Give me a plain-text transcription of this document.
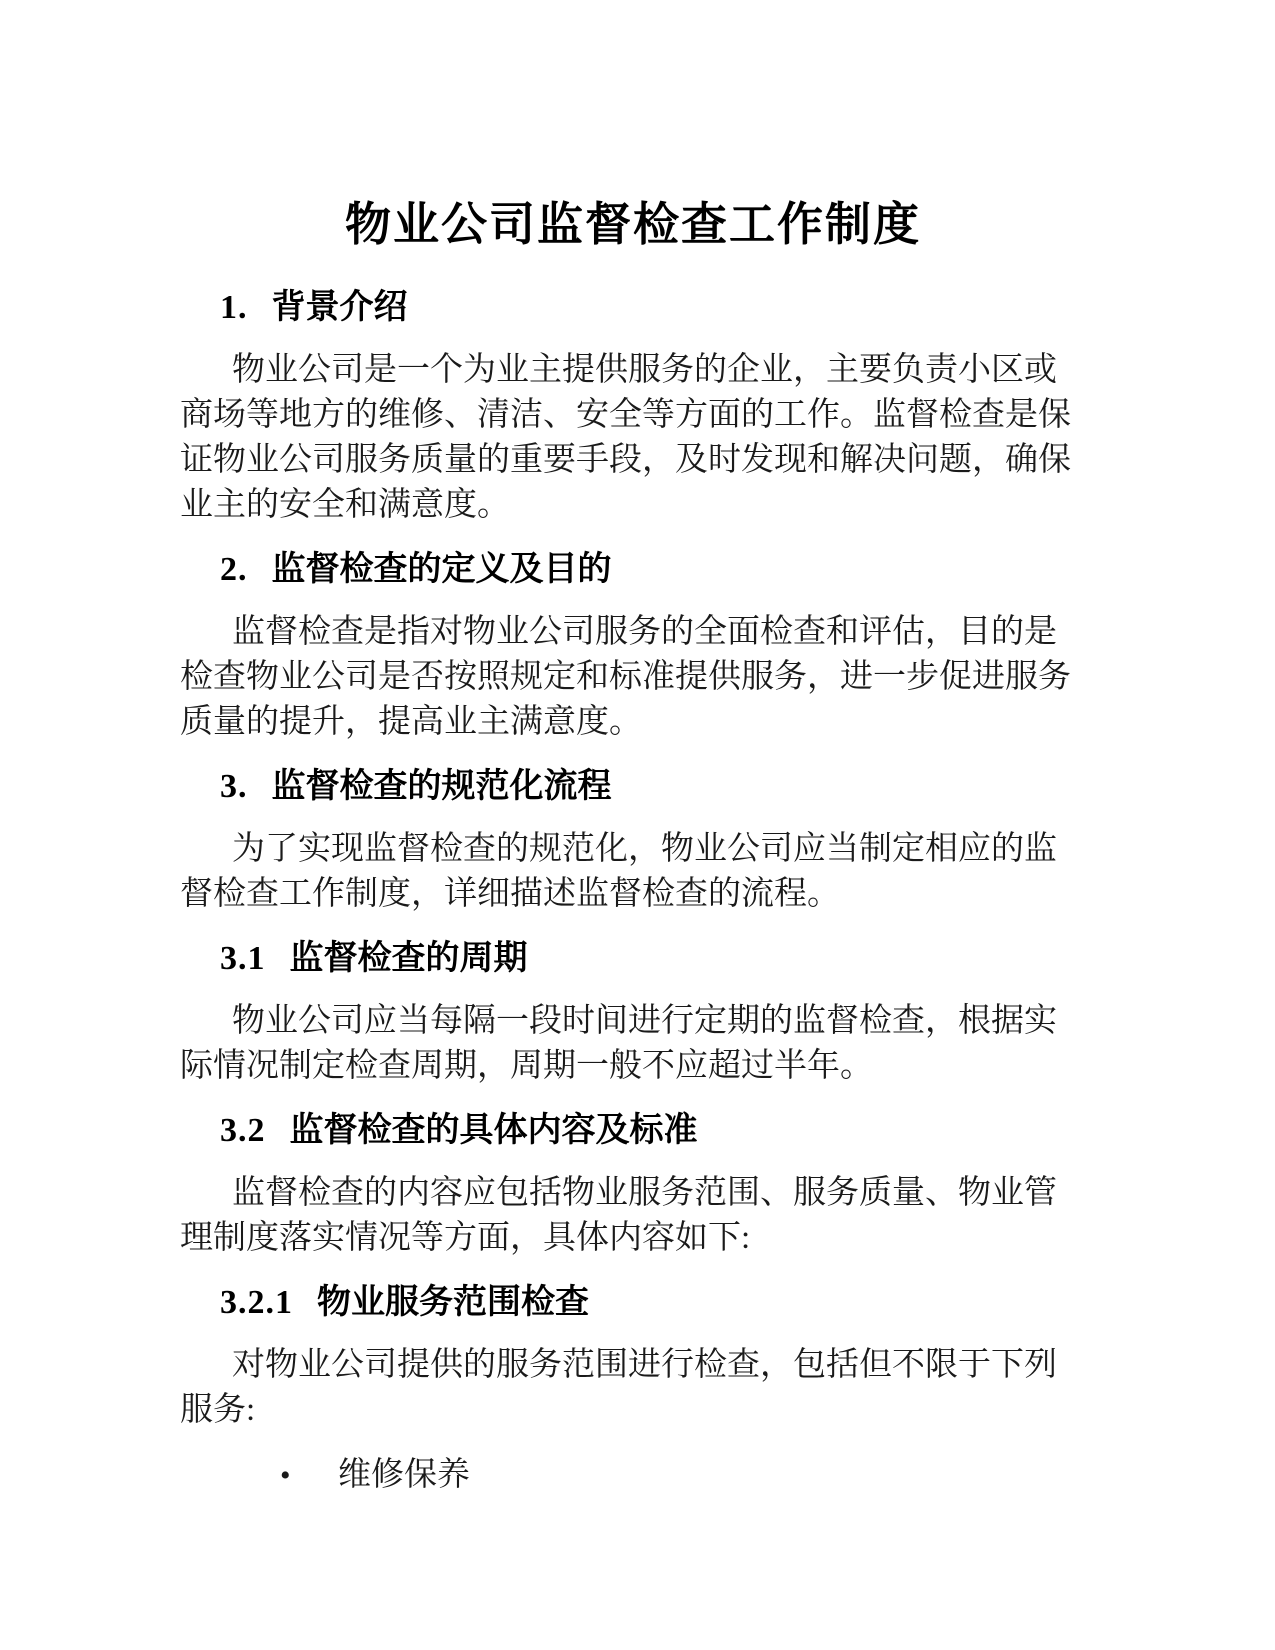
物业公司监督检查工作制度
1. 背景介绍

物业公司是一个为业主提供服务的企业，主要负责小区或商场等地方的维修、清洁、安全等方面的工作。监督检查是保证物业公司服务质量的重要手段，及时发现和解决问题，确保业主的安全和满意度。

2. 监督检查的定义及目的

监督检查是指对物业公司服务的全面检查和评估，目的是检查物业公司是否按照规定和标准提供服务，进一步促进服务质量的提升，提高业主满意度。

3. 监督检查的规范化流程

为了实现监督检查的规范化，物业公司应当制定相应的监督检查工作制度，详细描述监督检查的流程。

3.1 监督检查的周期

物业公司应当每隔一段时间进行定期的监督检查，根据实际情况制定检查周期，周期一般不应超过半年。

3.2 监督检查的具体内容及标准

监督检查的内容应包括物业服务范围、服务质量、物业管理制度落实情况等方面，具体内容如下:

3.2.1 物业服务范围检查

对物业公司提供的服务范围进行检查，包括但不限于下列服务:

• 维修保养
